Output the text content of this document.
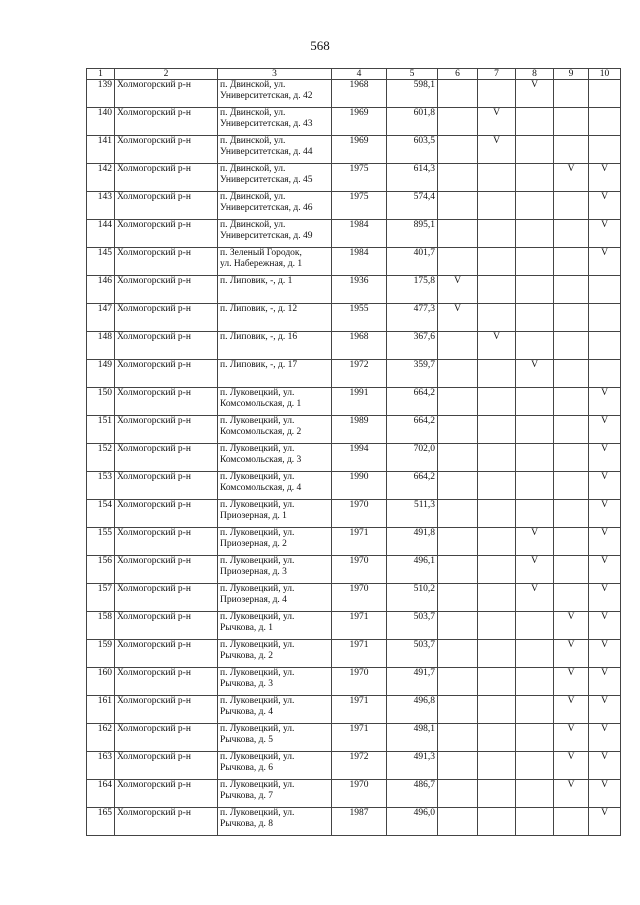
568
1	2	3	4	5	6	7	8	9	10
139	Холмогорский р-н	п. Двинской, ул.
Университетская, д. 42	1968	598,1			V		
140	Холмогорский р-н	п. Двинской, ул.
Университетская, д. 43	1969	601,8		V			
141	Холмогорский р-н	п. Двинской, ул.
Университетская, д. 44	1969	603,5		V			
142	Холмогорский р-н	п. Двинской, ул.
Университетская, д. 45	1975	614,3				V	V
143	Холмогорский р-н	п. Двинской, ул.
Университетская, д. 46	1975	574,4					V
144	Холмогорский р-н	п. Двинской, ул.
Университетская, д. 49	1984	895,1					V
145	Холмогорский р-н	п. Зеленый Городок,
ул. Набережная, д. 1	1984	401,7					V
146	Холмогорский р-н	п. Липовик, -, д. 1	1936	175,8	V				
147	Холмогорский р-н	п. Липовик, -, д. 12	1955	477,3	V				
148	Холмогорский р-н	п. Липовик, -, д. 16	1968	367,6		V			
149	Холмогорский р-н	п. Липовик, -, д. 17	1972	359,7			V		
150	Холмогорский р-н	п. Луковецкий, ул.
Комсомольская, д. 1	1991	664,2					V
151	Холмогорский р-н	п. Луковецкий, ул.
Комсомольская, д. 2	1989	664,2					V
152	Холмогорский р-н	п. Луковецкий, ул.
Комсомольская, д. 3	1994	702,0					V
153	Холмогорский р-н	п. Луковецкий, ул.
Комсомольская, д. 4	1990	664,2					V
154	Холмогорский р-н	п. Луковецкий, ул.
Приозерная, д. 1	1970	511,3					V
155	Холмогорский р-н	п. Луковецкий, ул.
Приозерная, д. 2	1971	491,8			V		V
156	Холмогорский р-н	п. Луковецкий, ул.
Приозерная, д. 3	1970	496,1			V		V
157	Холмогорский р-н	п. Луковецкий, ул.
Приозерная, д. 4	1970	510,2			V		V
158	Холмогорский р-н	п. Луковецкий, ул.
Рычкова, д. 1	1971	503,7				V	V
159	Холмогорский р-н	п. Луковецкий, ул.
Рычкова, д. 2	1971	503,7				V	V
160	Холмогорский р-н	п. Луковецкий, ул.
Рычкова, д. 3	1970	491,7				V	V
161	Холмогорский р-н	п. Луковецкий, ул.
Рычкова, д. 4	1971	496,8				V	V
162	Холмогорский р-н	п. Луковецкий, ул.
Рычкова, д. 5	1971	498,1				V	V
163	Холмогорский р-н	п. Луковецкий, ул.
Рычкова, д. 6	1972	491,3				V	V
164	Холмогорский р-н	п. Луковецкий, ул.
Рычкова, д. 7	1970	486,7				V	V
165	Холмогорский р-н	п. Луковецкий, ул.
Рычкова, д. 8	1987	496,0					V
